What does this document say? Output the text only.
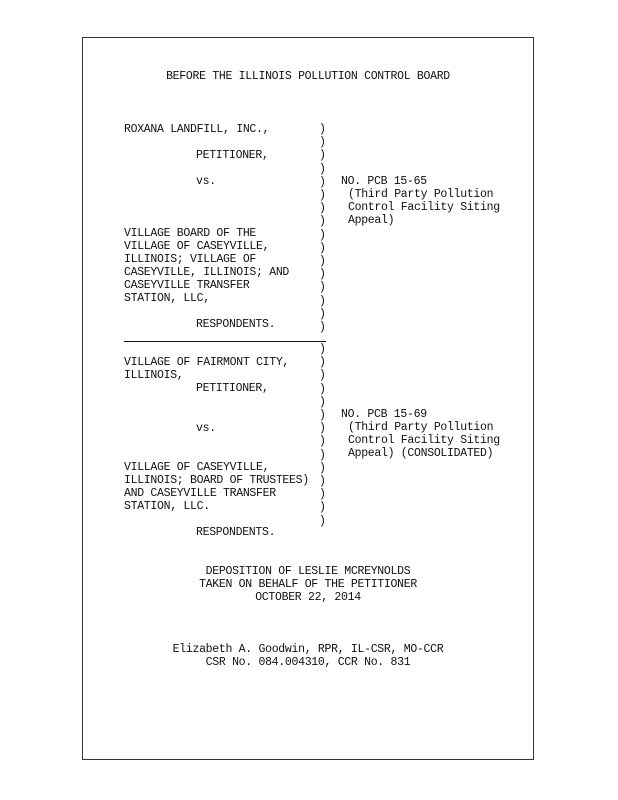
BEFORE THE ILLINOIS POLLUTION CONTROL BOARD
ROXANA LANDFILL, INC.,
PETITIONER,
vs.	NO. PCB 15-65
(Third Party Pollution
Control Facility Siting
Appeal)
VILLAGE BOARD OF THE
VILLAGE OF CASEYVILLE,
ILLINOIS; VILLAGE OF
CASEYVILLE, ILLINOIS; AND
CASEYVILLE TRANSFER
STATION, LLC,
RESPONDENTS.
)
)
)
)
)
)
)
)
)
)
)
)
)
)
)
)
VILLAGE OF FAIRMONT CITY,
ILLINOIS,
PETITIONER,
vs.
NO. PCB 15-69
(Third Party Pollution
Control Facility Siting
Appeal) (CONSOLIDATED)
VILLAGE OF CASEYVILLE,
ILLINOIS; BOARD OF TRUSTEES)
AND CASEYVILLE TRANSFER
STATION, LLC.
RESPONDENTS.
)
)
)
)
)
)
)
)
)
)
)
)
)
)
DEPOSITION OF LESLIE MCREYNOLDS
TAKEN ON BEHALF OF THE PETITIONER
OCTOBER 22, 2014
Elizabeth A. Goodwin, RPR, IL-CSR, MO-CCR
CSR No. 084.004310, CCR No. 831
